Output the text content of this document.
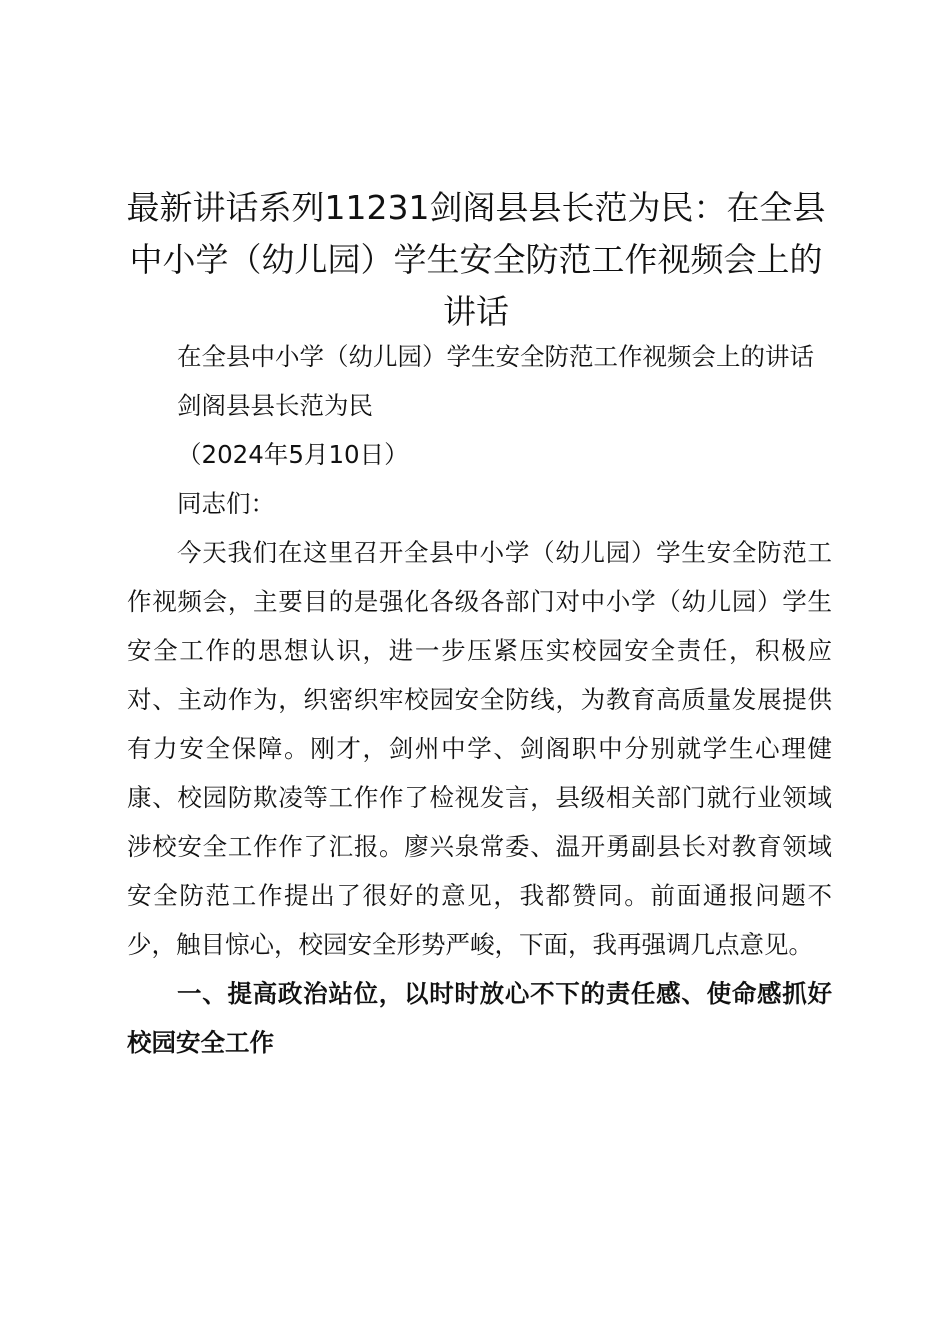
最新讲话系列11231剑阁县县长范为民：在全县中小学（幼儿园）学生安全防范工作视频会上的讲话

在全县中小学（幼儿园）学生安全防范工作视频会上的讲话

剑阁县县长范为民

（2024年5月10日）

同志们：

今天我们在这里召开全县中小学（幼儿园）学生安全防范工作视频会，主要目的是强化各级各部门对中小学（幼儿园）学生安全工作的思想认识，进一步压紧压实校园安全责任，积极应对、主动作为，织密织牢校园安全防线，为教育高质量发展提供有力安全保障。刚才，剑州中学、剑阁职中分别就学生心理健康、校园防欺凌等工作作了检视发言，县级相关部门就行业领域涉校安全工作作了汇报。廖兴泉常委、温开勇副县长对教育领域安全防范工作提出了很好的意见，我都赞同。前面通报问题不少，触目惊心，校园安全形势严峻，下面，我再强调几点意见。

一、提高政治站位，以时时放心不下的责任感、使命感抓好校园安全工作
